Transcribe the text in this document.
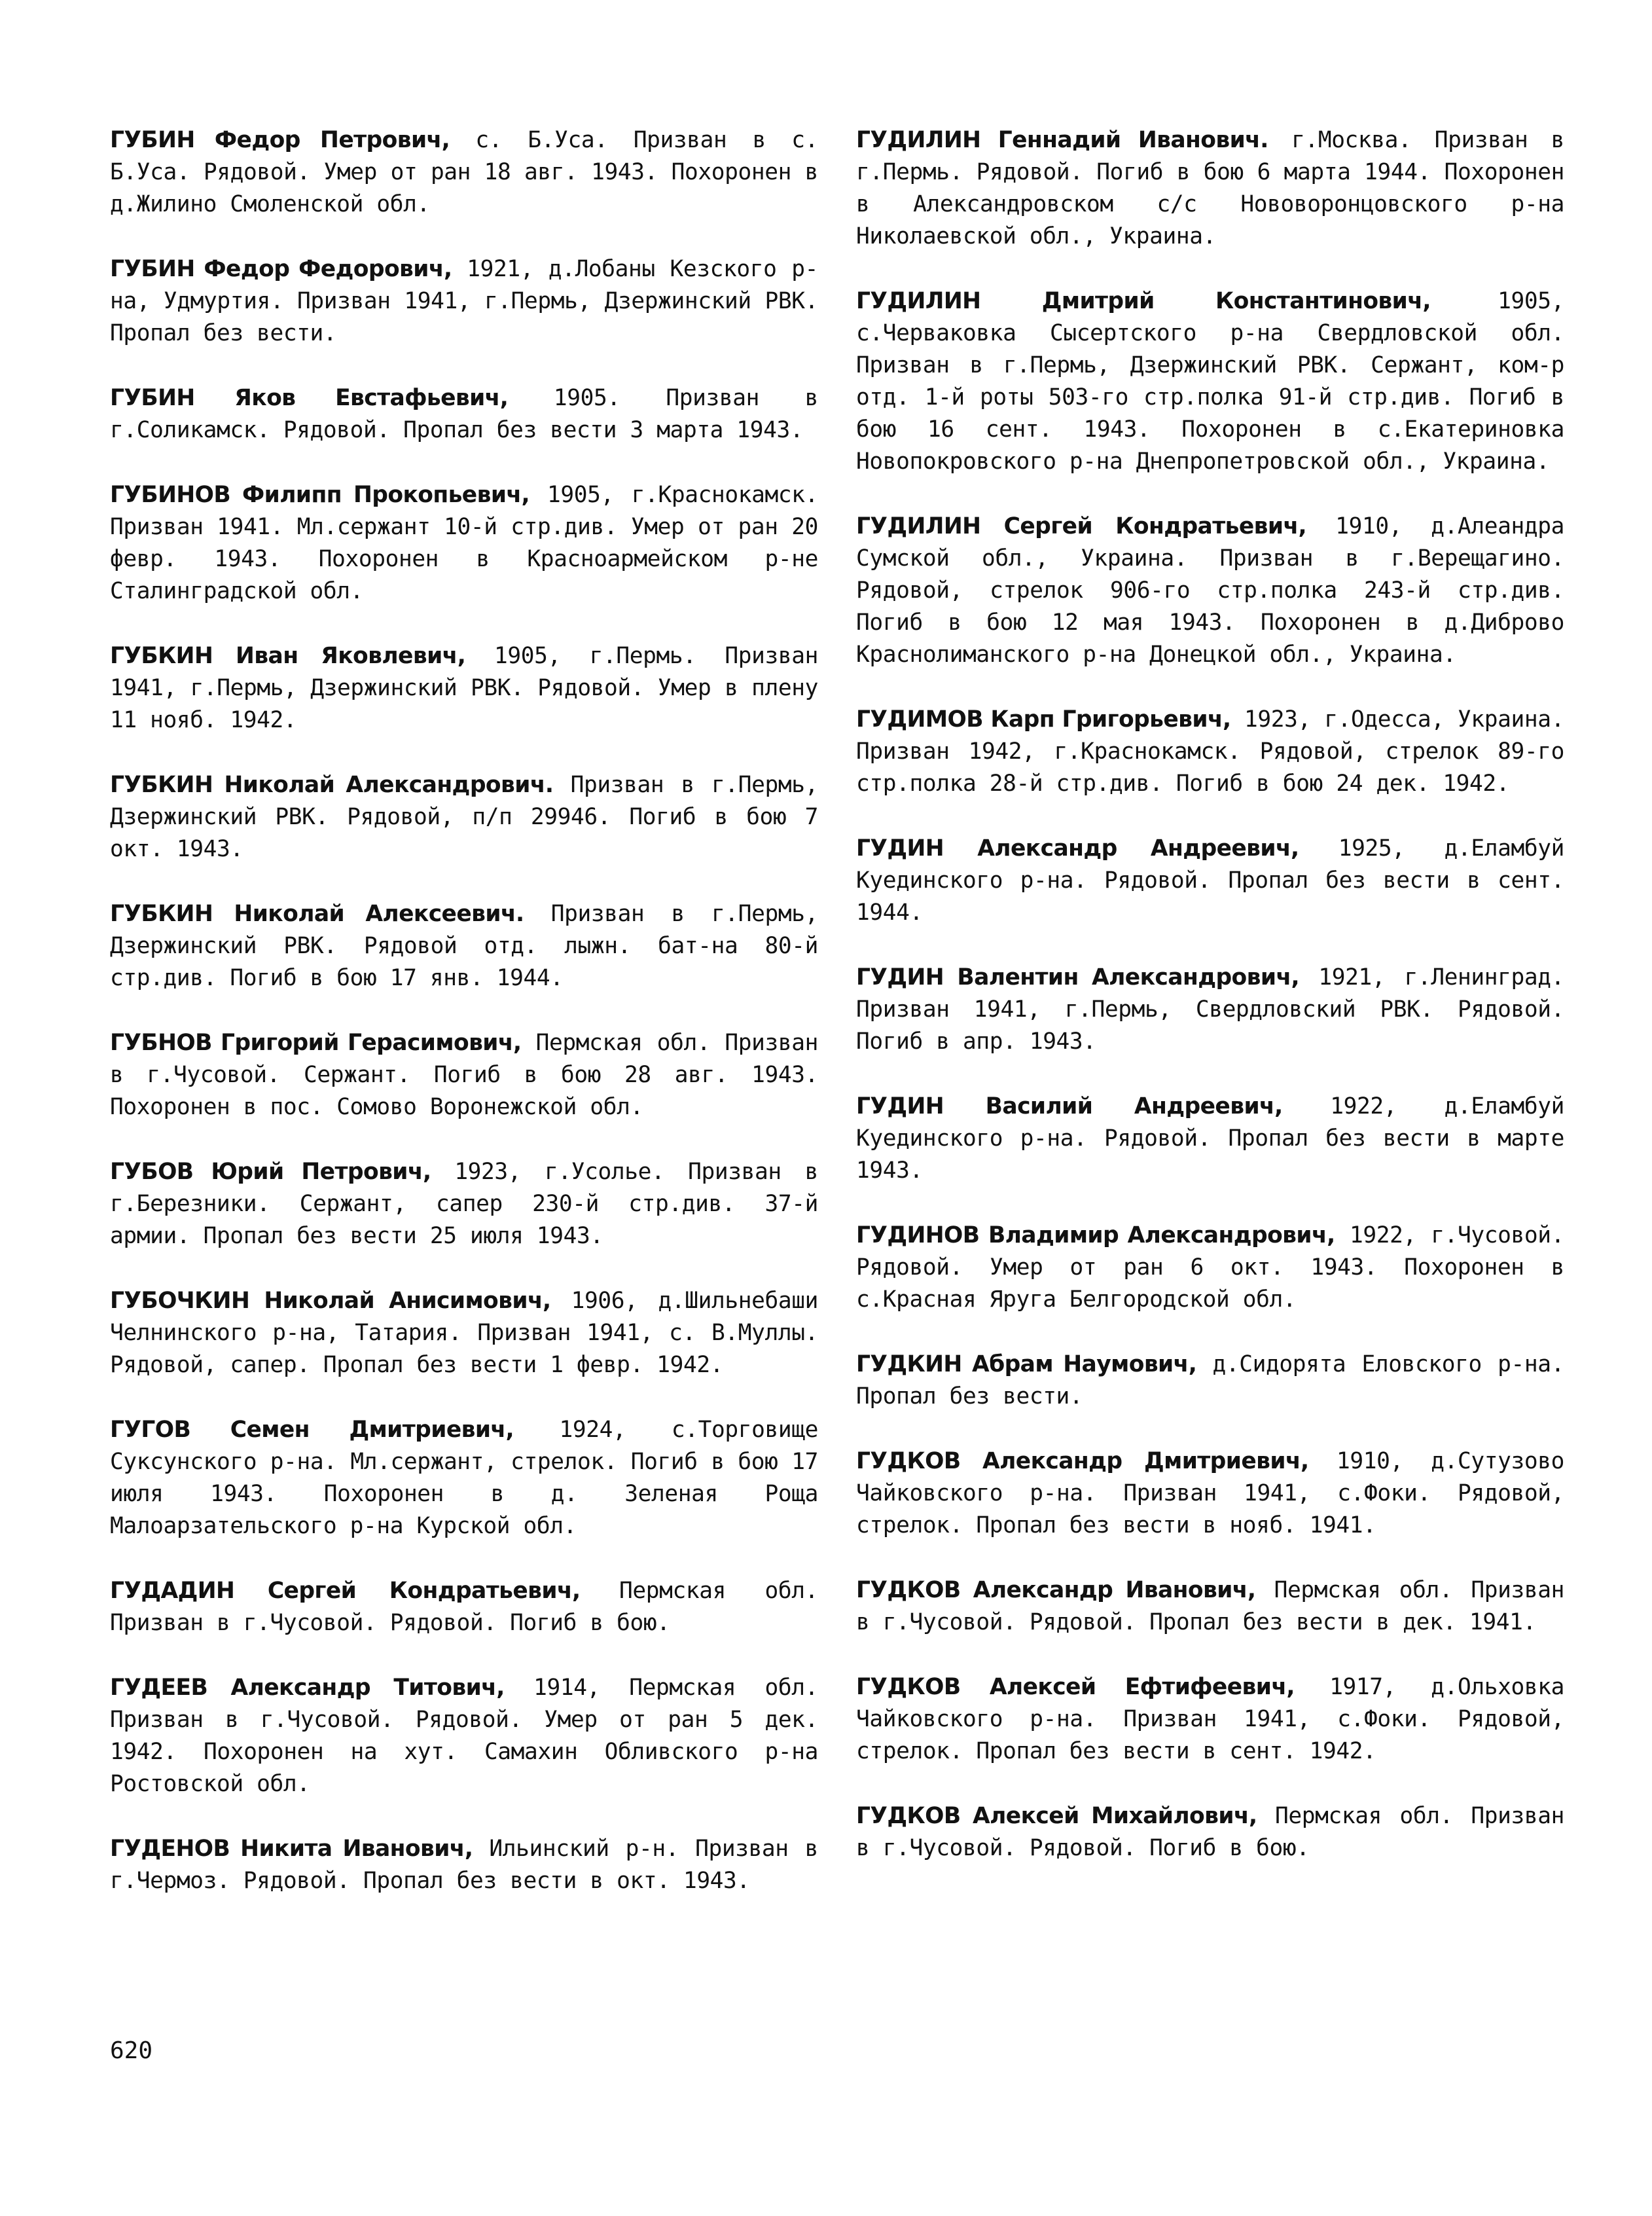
ГУБИН Федор Петрович, с. Б.Уса. Призван в с. Б.Уса. Рядовой. Умер от ран 18 авг. 1943. Похоронен в д.Жилино Смоленской обл.

ГУБИН Федор Федорович, 1921, д.Лобаны Кезского р-на, Удмуртия. Призван 1941, г.Пермь, Дзержинский РВК. Пропал без вести.

ГУБИН Яков Евстафьевич, 1905. Призван в г.Соликамск. Рядовой. Пропал без вести 3 марта 1943.

ГУБИНОВ Филипп Прокопьевич, 1905, г.Краснокамск. Призван 1941. Мл.сержант 10-й стр.див. Умер от ран 20 февр. 1943. Похоронен в Красноармейском р-не Сталинградской обл.

ГУБКИН Иван Яковлевич, 1905, г.Пермь. Призван 1941, г.Пермь, Дзержинский РВК. Рядовой. Умер в плену 11 нояб. 1942.

ГУБКИН Николай Александрович. Призван в г.Пермь, Дзержинский РВК. Рядовой, п/п 29946. Погиб в бою 7 окт. 1943.

ГУБКИН Николай Алексеевич. Призван в г.Пермь, Дзержинский РВК. Рядовой отд. лыжн. бат-на 80-й стр.див. Погиб в бою 17 янв. 1944.

ГУБНОВ Григорий Герасимович, Пермская обл. Призван в г.Чусовой. Сержант. Погиб в бою 28 авг. 1943. Похоронен в пос. Сомово Воронежской обл.

ГУБОВ Юрий Петрович, 1923, г.Усолье. Призван в г.Березники. Сержант, сапер 230-й стр.див. 37-й армии. Пропал без вести 25 июля 1943.

ГУБОЧКИН Николай Анисимович, 1906, д.Шильнебаши Челнинского р-на, Татария. Призван 1941, с. В.Муллы. Рядовой, сапер. Пропал без вести 1 февр. 1942.

ГУГОВ Семен Дмитриевич, 1924, с.Торговище Суксунского р-на. Мл.сержант, стрелок. Погиб в бою 17 июля 1943. Похоронен в д. Зеленая Роща Малоарзательского р-на Курской обл.

ГУДАДИН Сергей Кондратьевич, Пермская обл. Призван в г.Чусовой. Рядовой. Погиб в бою.

ГУДЕЕВ Александр Титович, 1914, Пермская обл. Призван в г.Чусовой. Рядовой. Умер от ран 5 дек. 1942. Похоронен на хут. Самахин Обливского р-на Ростовской обл.

ГУДЕНОВ Никита Иванович, Ильинский р-н. Призван в г.Чермоз. Рядовой. Пропал без вести в окт. 1943.

ГУДИЛИН Геннадий Иванович. г.Москва. Призван в г.Пермь. Рядовой. Погиб в бою 6 марта 1944. Похоронен в Александровском с/с Нововоронцовского р-на Николаевской обл., Украина.

ГУДИЛИН Дмитрий Константинович,	1905, с.Черваковка Сысертского р-на Свердловской обл. Призван в г.Пермь, Дзержинский РВК. Сержант, ком-р отд. 1-й роты 503-го стр.полка 91-й стр.див. Погиб в бою 16 сент. 1943. Похоронен в с.Екатериновка Новопокровского р-на Днепропетровской обл., Украина.

ГУДИЛИН Сергей Кондратьевич, 1910, д.Алеандра Сумской обл., Украина. Призван в г.Верещагино. Рядовой, стрелок 906-го стр.полка 243-й стр.див. Погиб в бою 12 мая 1943. Похоронен в д.Диброво Краснолиманского р-на Донецкой обл., Украина.

ГУДИМОВ Карп Григорьевич, 1923, г.Одесса, Украина. Призван 1942, г.Краснокамск. Рядовой, стрелок 89-го стр.полка 28-й стр.див. Погиб в бою 24 дек. 1942.

ГУДИН Александр Андреевич, 1925, д.Еламбуй Куединского р-на. Рядовой. Пропал без вести в сент. 1944.

ГУДИН Валентин Александрович, 1921, г.Ленинград. Призван 1941, г.Пермь, Свердловский РВК. Рядовой. Погиб в апр. 1943.

ГУДИН Василий Андреевич, 1922, д.Еламбуй Куединского р-на. Рядовой. Пропал без вести в марте 1943.

ГУДИНОВ Владимир Александрович, 1922, г.Чусовой. Рядовой. Умер от ран 6 окт. 1943. Похоронен в с.Красная Яруга Белгородской обл.

ГУДКИН Абрам Наумович, д.Сидорята Еловского р-на. Пропал без вести.

ГУДКОВ Александр Дмитриевич, 1910, д.Сутузово Чайковского р-на. Призван 1941, с.Фоки. Рядовой, стрелок. Пропал без вести в нояб. 1941.

ГУДКОВ Александр Иванович, Пермская обл. Призван в г.Чусовой. Рядовой. Пропал без вести в дек. 1941.

ГУДКОВ Алексей Ефтифеевич, 1917, д.Ольховка Чайковского р-на. Призван 1941, с.Фоки. Рядовой, стрелок. Пропал без вести в сент. 1942.

ГУДКОВ Алексей Михайлович, Пермская обл. Призван в г.Чусовой. Рядовой. Погиб в бою.

620
